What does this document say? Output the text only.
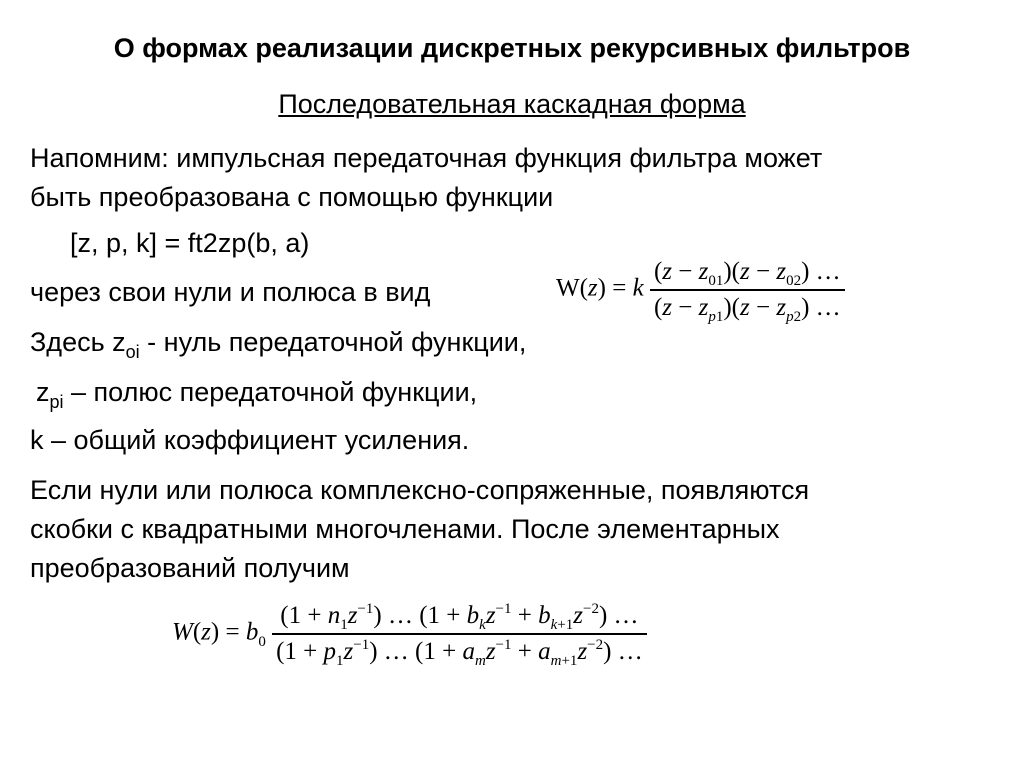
О формах реализации дискретных рекурсивных фильтров
Последовательная каскадная форма
Напомним: импульсная передаточная функция фильтра может
быть преобразована с помощью функции
[z, p, k] = ft2zp(b, a)
через свои нули и полюса в вид
Здесь $z_{oi}$ - нуль передаточной функции,
$z_{pi}$ – полюс передаточной функции,
k – общий коэффициент усиления.
Если нули или полюса комплексно-сопряженные, появляются
скобки с квадратными многочленами. После элементарных
преобразований получим
W(z) = k $\frac{(z - z_{01})(z - z_{02}) \dots}{(z - z_{p1})(z - z_{p2}) \dots}$
$W(z) = b_0 \frac{(1 + n_1z^{-1}) \dots (1 + b_kz^{-1} + b_{k+1}z^{-2}) \dots}{(1 + p_1z^{-1}) \dots (1 + a_mz^{-1} + a_{m+1}z^{-2}) \dots}$
